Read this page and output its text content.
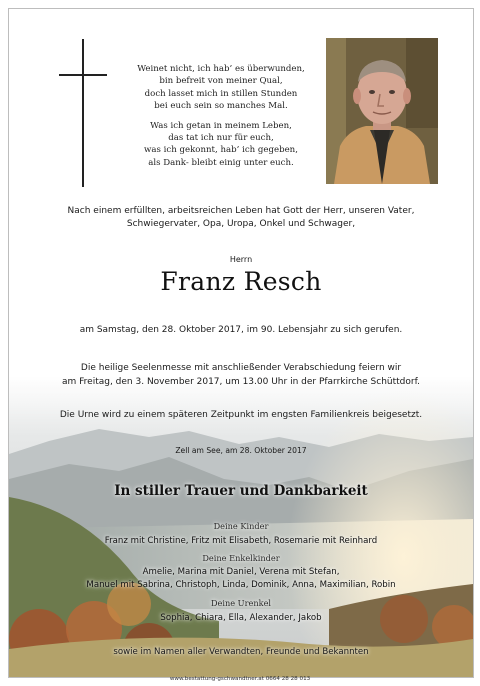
Weinet nicht, ich hab’ es überwunden,
bin befreit von meiner Qual,
doch lasset mich in stillen Stunden
bei euch sein so manches Mal.
Was ich getan in meinem Leben,
das tat ich nur für euch,
was ich gekonnt, hab’ ich gegeben,
als Dank- bleibt einig unter euch.
Nach einem erfüllten, arbeitsreichen Leben hat Gott der Herr, unseren Vater,
Schwiegervater, Opa, Uropa, Onkel und Schwager,
Herrn
Franz Resch
am Samstag, den 28. Oktober 2017, im 90. Lebensjahr zu sich gerufen.
Die heilige Seelenmesse mit anschließender Verabschiedung feiern wir
am Freitag, den 3. November 2017, um 13.00 Uhr in der Pfarrkirche Schüttdorf.
Die Urne wird zu einem späteren Zeitpunkt im engsten Familienkreis beigesetzt.
Zell am See, am 28. Oktober 2017
In stiller Trauer und Dankbarkeit
Deine Kinder
Franz mit Christine, Fritz mit Elisabeth, Rosemarie mit Reinhard
Deine Enkelkinder
Amelie, Marina mit Daniel, Verena mit Stefan,
Manuel mit Sabrina, Christoph, Linda, Dominik, Anna, Maximilian, Robin
Deine Urenkel
Sophia, Chiara, Ella, Alexander, Jakob
sowie im Namen aller Verwandten, Freunde und Bekannten
www.bestattung-gschwandtner.at 0664 28 28 013
